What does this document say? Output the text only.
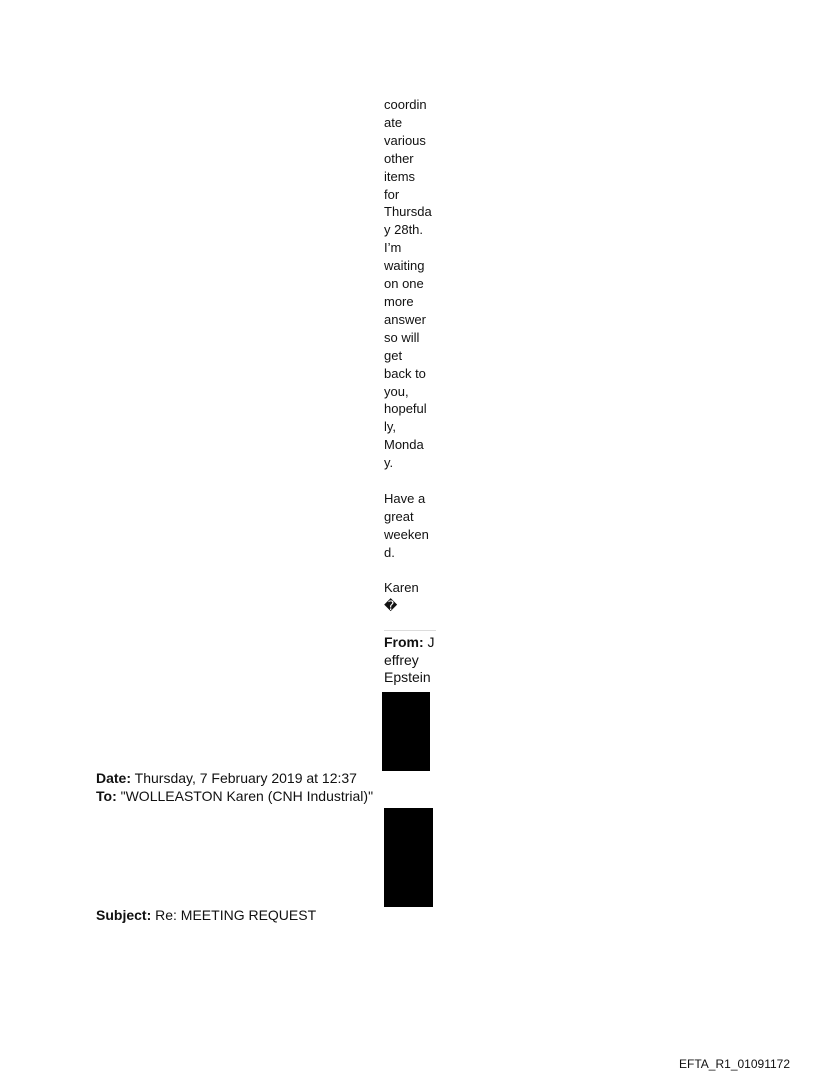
coordin
ate
various
other
items
for
Thursda
y 28th.
I’m
waiting
on one
more
answer
so will
get
back to
you,
hopeful
ly,
Monda
y.
Have a
great
weeken
d.
Karen
�
From: J
effrey
Epstein
Date: Thursday, 7 February 2019 at 12:37
To: "WOLLEASTON Karen (CNH Industrial)"
Subject: Re: MEETING REQUEST
EFTA_R1_01091172
